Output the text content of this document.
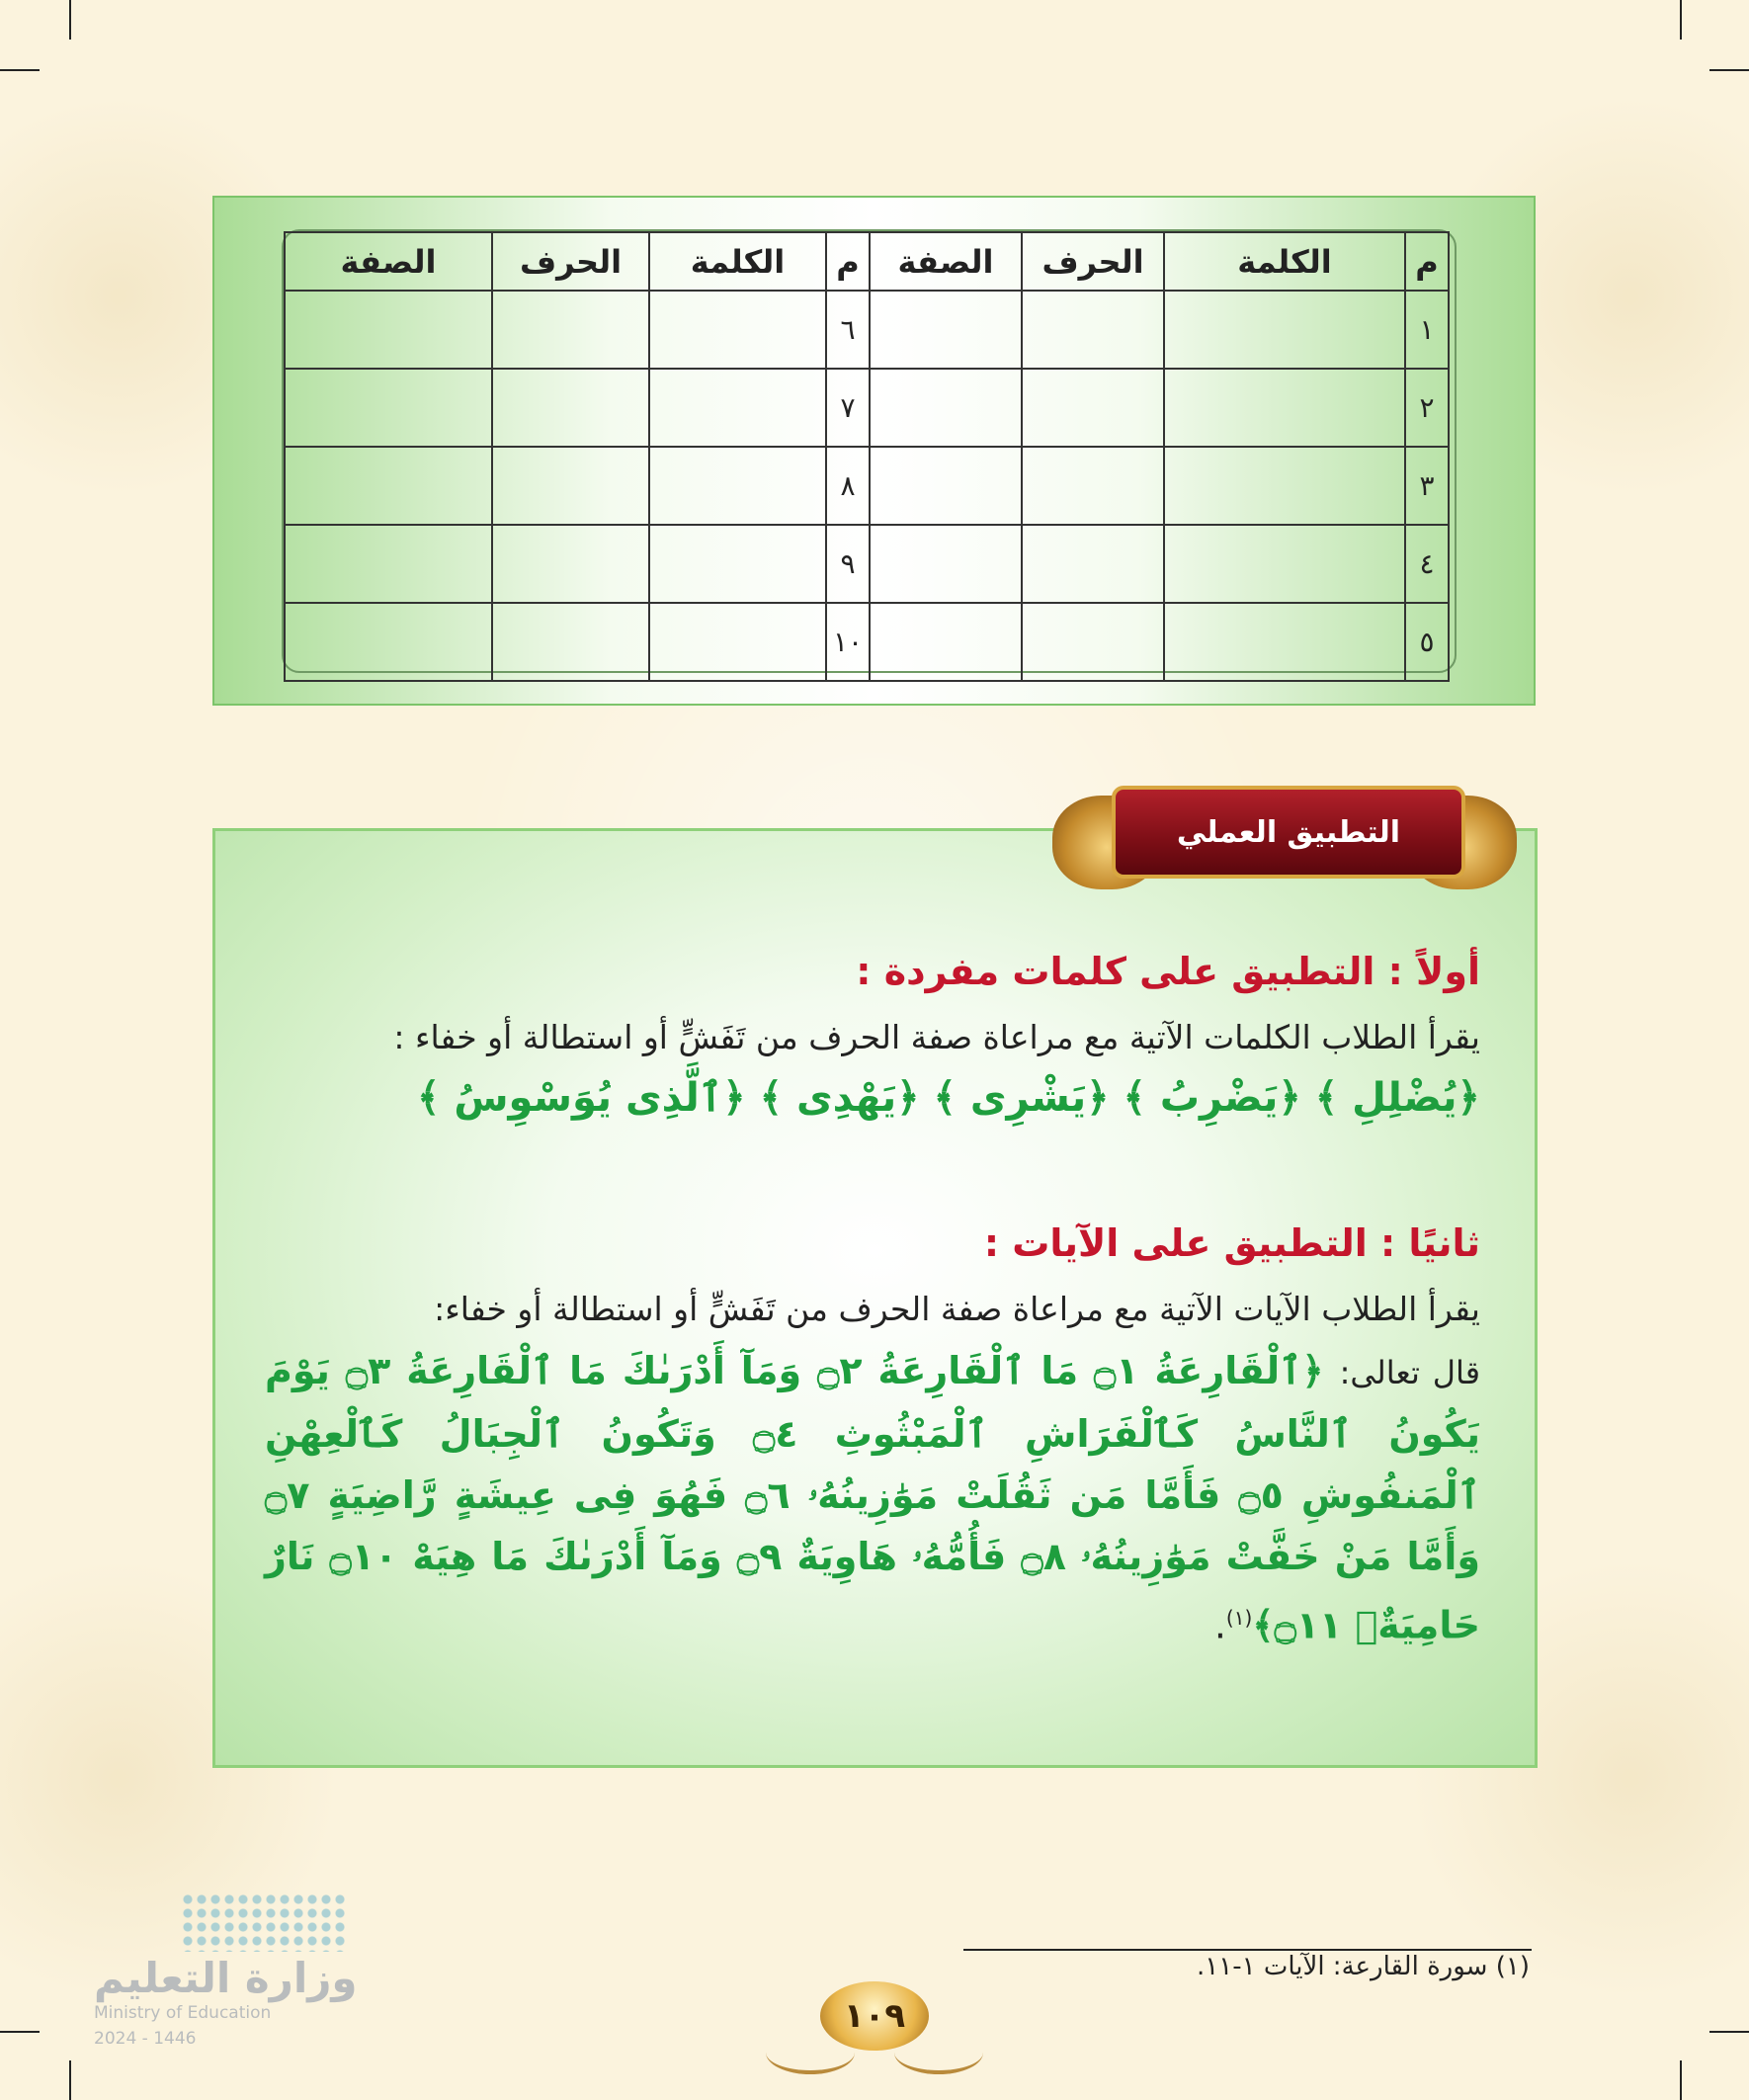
م	الكلمة	الحرف	الصفة	م	الكلمة	الحرف	الصفة
١				٦			
٢				٧			
٣				٨			
٤				٩			
٥				١٠			
أولاً : التطبيق على كلمات مفردة :
يقرأ الطلاب الكلمات الآتية مع مراعاة صفة الحرف من تَفَشٍّ أو استطالة أو خفاء :
﴿يُضْلِلِ ﴾ ﴿يَضْرِبُ ﴾ ﴿يَشْرِى ﴾ ﴿يَهْدِى ﴾ ﴿ٱلَّذِى يُوَسْوِسُ ﴾
ثانيًا : التطبيق على الآيات :
يقرأ الطلاب الآيات الآتية مع مراعاة صفة الحرف من تَفَشٍّ أو استطالة أو خفاء:
قال تعالى: ﴿ٱلْقَارِعَةُ ۝١ مَا ٱلْقَارِعَةُ ۝٢ وَمَآ أَدْرَىٰكَ مَا ٱلْقَارِعَةُ ۝٣ يَوْمَ يَكُونُ ٱلنَّاسُ كَٱلْفَرَاشِ ٱلْمَبْثُوثِ ۝٤ وَتَكُونُ ٱلْجِبَالُ كَٱلْعِهْنِ ٱلْمَنفُوشِ ۝٥ فَأَمَّا مَن ثَقُلَتْ مَوَٰزِينُهُۥ ۝٦ فَهُوَ فِى عِيشَةٍ رَّاضِيَةٍ ۝٧ وَأَمَّا مَنْ خَفَّتْ مَوَٰزِينُهُۥ ۝٨ فَأُمُّهُۥ هَاوِيَةٌ ۝٩ وَمَآ أَدْرَىٰكَ مَا هِيَهْ ۝١٠ نَارٌ حَامِيَةٌۢ ۝١١﴾$^{(١)}$.
التطبيق العملي
(١) سورة القارعة: الآيات ١-١١.
١٠٩
وزارة التعليم
Ministry of Education
2024 - 1446
